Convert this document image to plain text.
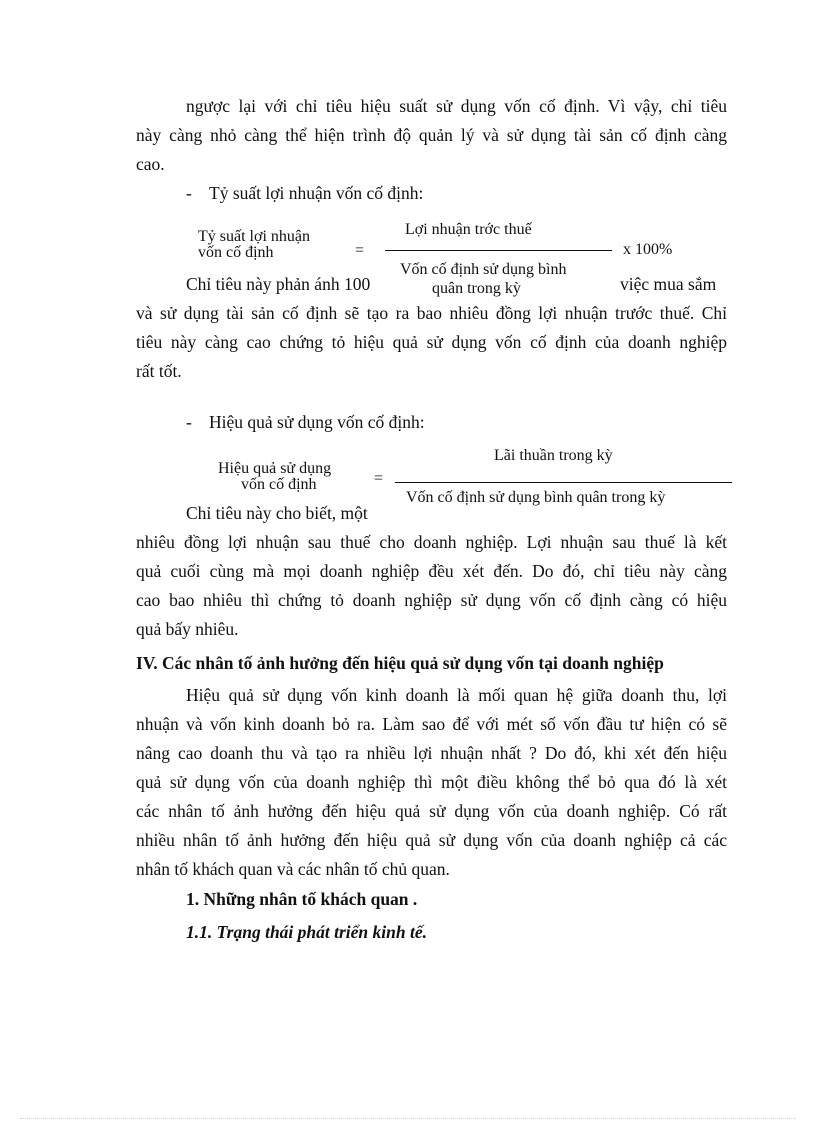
ngược lại với chỉ tiêu hiệu suất sử dụng vốn cố định. Vì vậy, chỉ tiêu
này càng nhỏ càng thể hiện trình độ quản lý và sử dụng tài sản cố định càng
cao.
- Tỷ suất lợi nhuận vốn cố định:
Tỷ suất lợi nhuận
vốn cố định	=
Lợi nhuận trớc thuế
x 100%
Chỉ tiêu này phản ánh 100	việc mua sắm
và sử dụng tài sản cố định sẽ tạo ra bao nhiêu đồng lợi nhuận trước thuế. Chỉ
tiêu này càng cao chứng tỏ hiệu quả sử dụng vốn cố định của doanh nghiệp
rất tốt.
Vốn cố định sử dụng bình
quân trong kỳ
- Hiệu quả sử dụng vốn cố định:
Hiệu quả sử dụng
vốn cố định	=
Lãi thuần trong kỳ
Vốn cố định sử dụng bình quân trong kỳ
Chỉ tiêu này cho biết, một
nhiêu đồng lợi nhuận sau thuế cho doanh nghiệp. Lợi nhuận sau thuế là kết
quả cuối cùng mà mọi doanh nghiệp đều xét đến. Do đó, chỉ tiêu này càng
cao bao nhiêu thì chứng tỏ doanh nghiệp sử dụng vốn cố định càng có hiệu
quả bấy nhiêu.
IV. Các nhân tố ảnh hưởng đến hiệu quả sử dụng vốn tại doanh nghiệp
Hiệu quả sử dụng vốn kinh doanh là mối quan hệ giữa doanh thu, lợi
nhuận và vốn kinh doanh bỏ ra. Làm sao để với mét số vốn đầu tư hiện có sẽ
nâng cao doanh thu và tạo ra nhiều lợi nhuận nhất ? Do đó, khi xét đến hiệu
quả sử dụng vốn của doanh nghiệp thì một điều không thể bỏ qua đó là xét
các nhân tố ảnh hưởng đến hiệu quả sử dụng vốn của doanh nghiệp. Có rất
nhiều nhân tố ảnh hưởng đến hiệu quả sử dụng vốn của doanh nghiệp cả các
nhân tố khách quan và các nhân tố chủ quan.
1. Những nhân tố khách quan .
1.1. Trạng thái phát triển kinh tế.
